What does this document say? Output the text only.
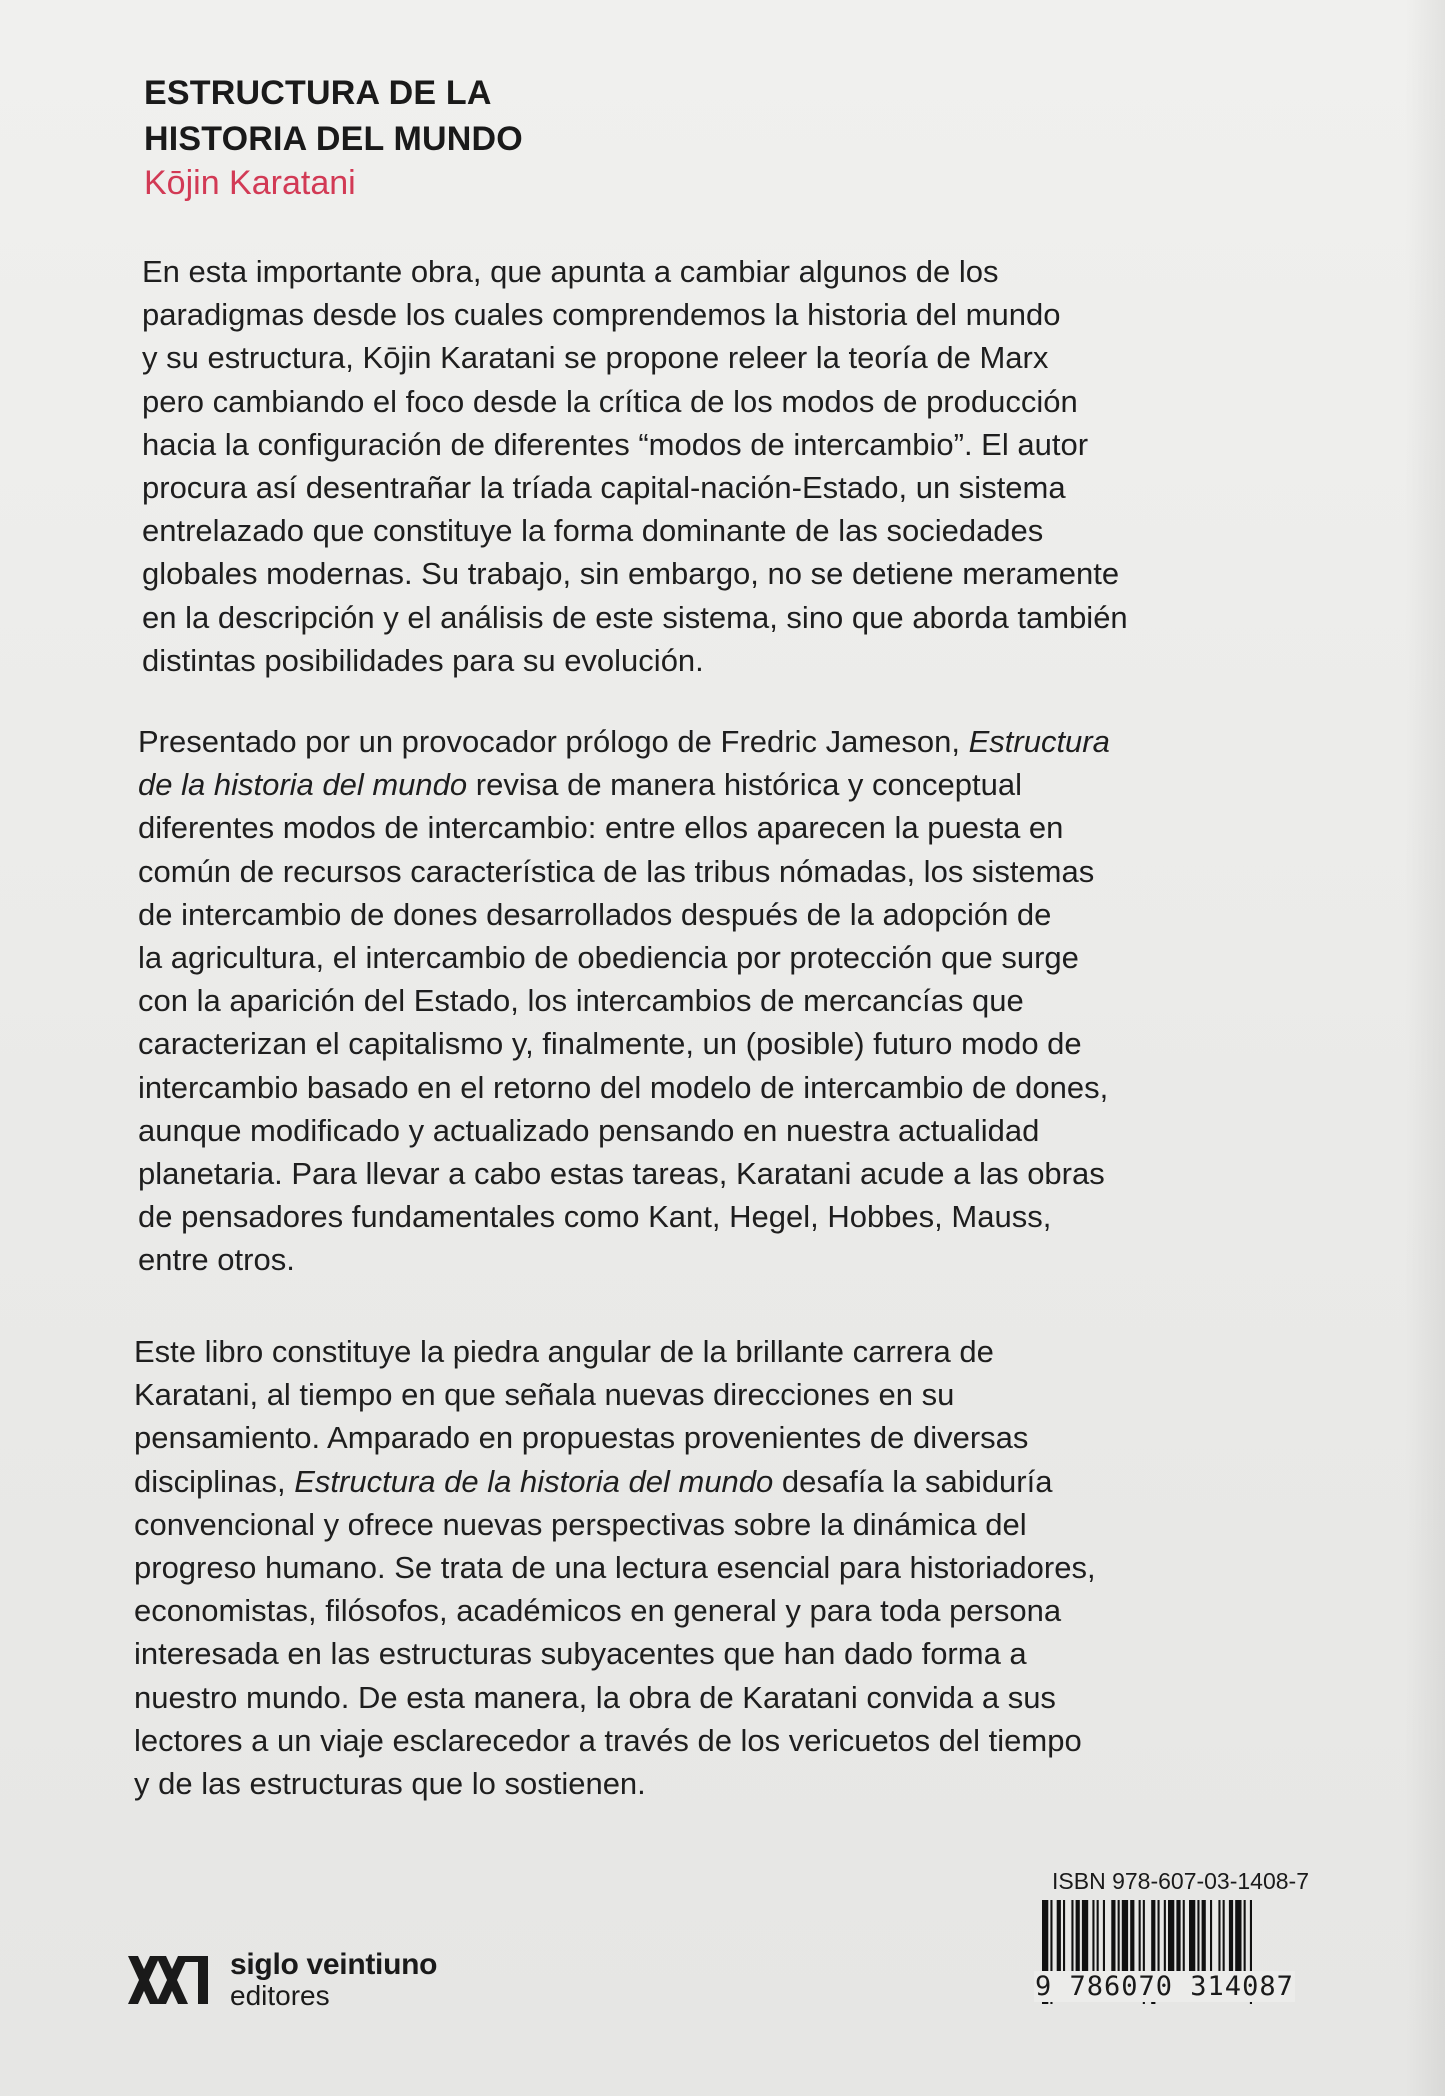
ESTRUCTURA DE LA
HISTORIA DEL MUNDO
Kōjin Karatani

En esta importante obra, que apunta a cambiar algunos de los
paradigmas desde los cuales comprendemos la historia del mundo
y su estructura, Kōjin Karatani se propone releer la teoría de Marx
pero cambiando el foco desde la crítica de los modos de producción
hacia la configuración de diferentes “modos de intercambio”. El autor
procura así desentrañar la tríada capital-nación-Estado, un sistema
entrelazado que constituye la forma dominante de las sociedades
globales modernas. Su trabajo, sin embargo, no se detiene meramente
en la descripción y el análisis de este sistema, sino que aborda también
distintas posibilidades para su evolución.

Presentado por un provocador prólogo de Fredric Jameson, Estructura
de la historia del mundo revisa de manera histórica y conceptual
diferentes modos de intercambio: entre ellos aparecen la puesta en
común de recursos característica de las tribus nómadas, los sistemas
de intercambio de dones desarrollados después de la adopción de
la agricultura, el intercambio de obediencia por protección que surge
con la aparición del Estado, los intercambios de mercancías que
caracterizan el capitalismo y, finalmente, un (posible) futuro modo de
intercambio basado en el retorno del modelo de intercambio de dones,
aunque modificado y actualizado pensando en nuestra actualidad
planetaria. Para llevar a cabo estas tareas, Karatani acude a las obras
de pensadores fundamentales como Kant, Hegel, Hobbes, Mauss,
entre otros.

Este libro constituye la piedra angular de la brillante carrera de
Karatani, al tiempo en que señala nuevas direcciones en su
pensamiento. Amparado en propuestas provenientes de diversas
disciplinas, Estructura de la historia del mundo desafía la sabiduría
convencional y ofrece nuevas perspectivas sobre la dinámica del
progreso humano. Se trata de una lectura esencial para historiadores,
economistas, filósofos, académicos en general y para toda persona
interesada en las estructuras subyacentes que han dado forma a
nuestro mundo. De esta manera, la obra de Karatani convida a sus
lectores a un viaje esclarecedor a través de los vericuetos del tiempo
y de las estructuras que lo sostienen.

siglo veintiuno
editores
ISBN 978-607-03-1408-7
9 786070 314087
